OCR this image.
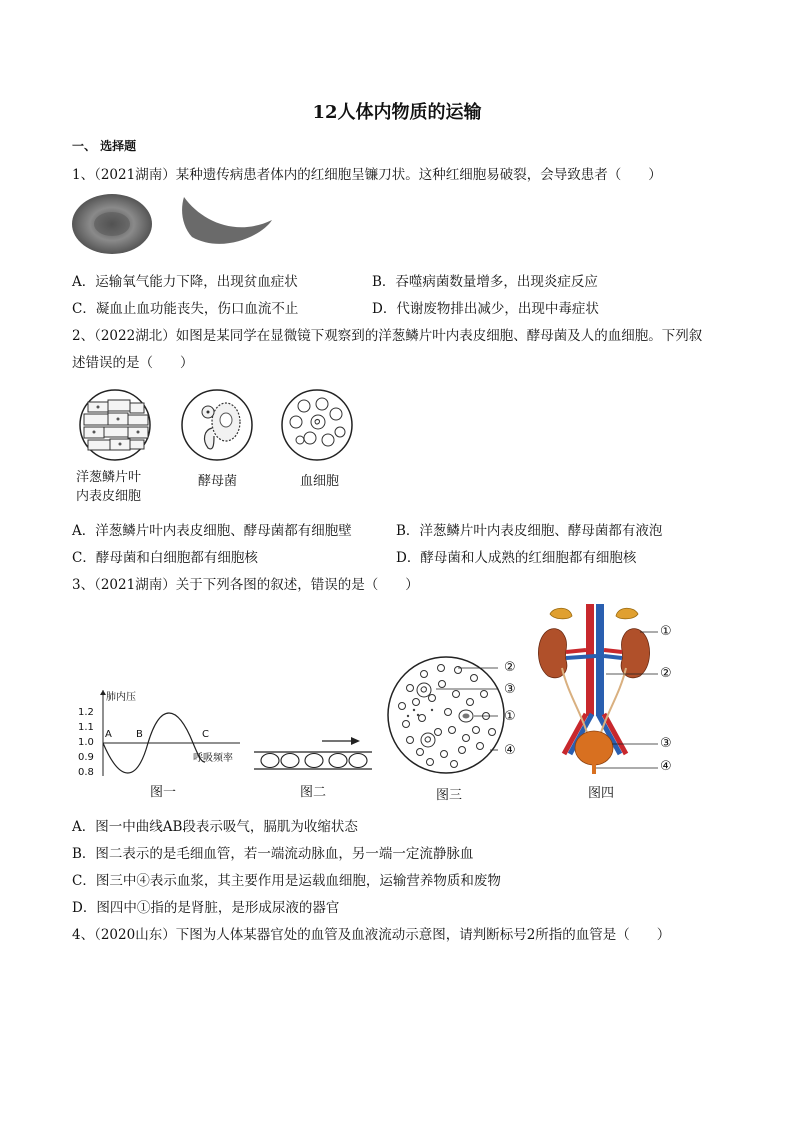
12人体内物质的运输
一、 选择题
1、（2021湖南）某种遗传病患者体内的红细胞呈镰刀状。这种红细胞易破裂，会导致患者（　　）
A．运输氧气能力下降，出现贫血症状	B．吞噬病菌数量增多，出现炎症反应
C．凝血止血功能丧失，伤口血流不止	D．代谢废物排出减少，出现中毒症状
2、（2022湖北）如图是某同学在显微镜下观察到的洋葱鳞片叶内表皮细胞、酵母菌及人的血细胞。下列叙
述错误的是（　　）
洋葱鳞片叶
内表皮细胞
酵母菌	血细胞
A．洋葱鳞片叶内表皮细胞、酵母菌都有细胞壁	B．洋葱鳞片叶内表皮细胞、酵母菌都有液泡
C．酵母菌和白细胞都有细胞核	D．酵母菌和人成熟的红细胞都有细胞核
3、（2021湖南）关于下列各图的叙述，错误的是（　　）
肺内压
1.2
1.1
1.0
0.9
0.8
A B	C
呼吸频率
图一	图二
②
③
①
④
图三
①
②
③
④
图四
A．图一中曲线AB段表示吸气，膈肌为收缩状态
B．图二表示的是毛细血管，若一端流动脉血，另一端一定流静脉血
C．图三中④表示血浆，其主要作用是运载血细胞，运输营养物质和废物
D．图四中①指的是肾脏，是形成尿液的器官
4、（2020山东）下图为人体某器官处的血管及血液流动示意图，请判断标号2所指的血管是（　　）
